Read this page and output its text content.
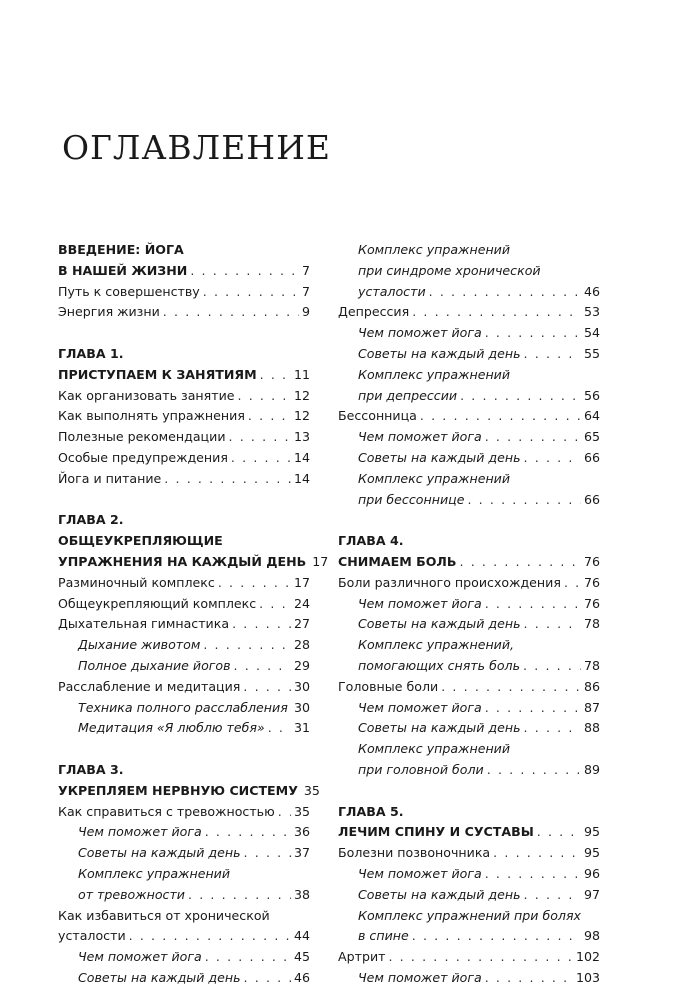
ОГЛАВЛЕНИЕ
ВВЕДЕНИЕ: ЙОГА
В НАШЕЙ ЖИЗНИ . . .	7
Путь к совершенству . . .	7
Энергия жизни . . .	9
ГЛАВА 1.
ПРИСТУПАЕМ К ЗАНЯТИЯМ . . .	11
Как организовать занятие . . .	12
Как выполнять упражнения . . .	12
Полезные рекомендации . . .	13
Особые предупреждения . . .	14
Йога и питание . . .	14
ГЛАВА 2.
ОБЩЕУКРЕПЛЯЮЩИЕ
УПРАЖНЕНИЯ НА КАЖДЫЙ ДЕНЬ 17
Разминочный комплекс . . .	17
Общеукрепляющий комплекс . . .	24
Дыхательная гимнастика . . .	27
Дыхание животом . . .	28
Полное дыхание йогов . . .	29
Расслабление и медитация . . .	30
Техника полного расслабления . . . 30
Медитация «Я люблю тебя» . . . 31
ГЛАВА 3.
УКРЕПЛЯЕМ НЕРВНУЮ СИСТЕМУ 35
Как справиться с тревожностью . . . 35
Чем поможет йога . . .	36
Советы на каждый день . . .	37
Комплекс упражнений
от тревожности . . .	38
Как избавиться от хронической
усталости . . .	44
Чем поможет йога . . .	45
Советы на каждый день . . .	46
Комплекс упражнений
при синдроме хронической
усталости . . .	46
Депрессия . . .	53
Чем поможет йога . . .	54
Советы на каждый день . . .	55
Комплекс упражнений
при депрессии . . .	56
Бессонница . . .	64
Чем поможет йога . . .	65
Советы на каждый день . . .	66
Комплекс упражнений
при бессоннице . . .	66
ГЛАВА 4.
СНИМАЕМ БОЛЬ . . .	76
Боли различного происхождения . . . 76
Чем поможет йога . . .	76
Советы на каждый день . . .	78
Комплекс упражнений,
помогающих снять боль . . .	78
Головные боли . . .	86
Чем поможет йога . . .	87
Советы на каждый день . . .	88
Комплекс упражнений
при головной боли . . .	89
ГЛАВА 5.
ЛЕЧИМ СПИНУ И СУСТАВЫ . . .	95
Болезни позвоночника . . .	95
Чем поможет йога . . .	96
Советы на каждый день . . .	97
Комплекс упражнений при болях
в спине . . .	98
Артрит . . .	102
Чем поможет йога . . .	103
